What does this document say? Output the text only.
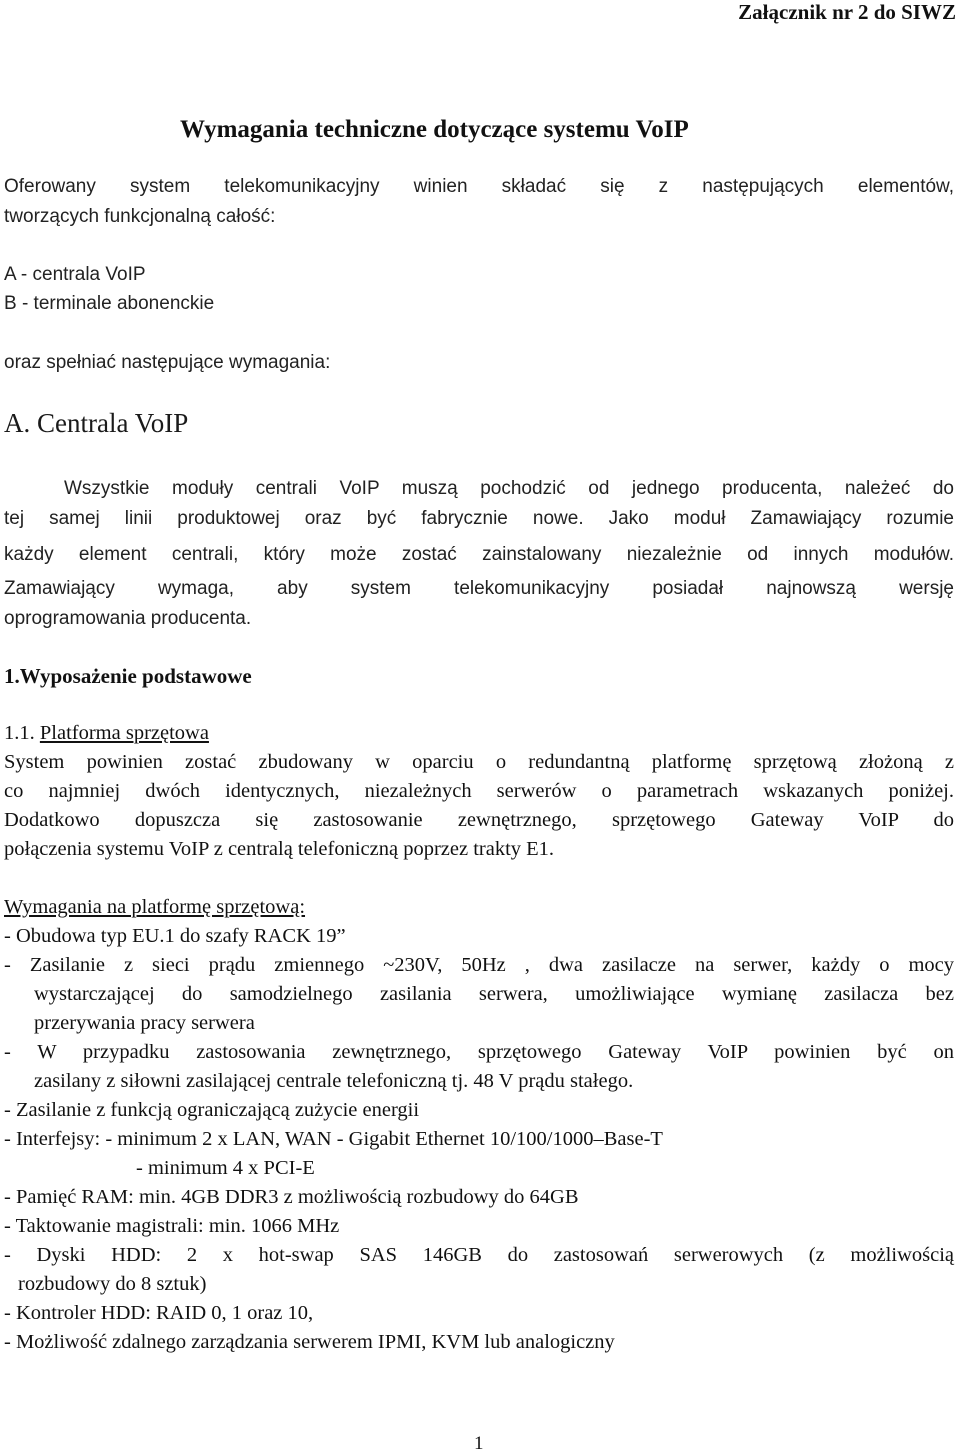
Załącznik nr 2 do SIWZ

Wymagania techniczne dotyczące systemu VoIP

Oferowany system telekomunikacyjny winien składać się z następujących elementów,

tworzących funkcjonalną całość:

A - centrala VoIP

B - terminale abonenckie

oraz spełniać następujące wymagania:

A. Centrala VoIP

Wszystkie moduły centrali VoIP muszą pochodzić od jednego producenta, należeć do

tej samej linii produktowej oraz być fabrycznie nowe. Jako moduł Zamawiający rozumie

każdy element centrali, który może zostać zainstalowany niezależnie od innych modułów.

Zamawiający wymaga, aby system telekomunikacyjny posiadał najnowszą wersję

oprogramowania producenta.

1.Wyposażenie podstawowe

1.1. Platforma sprzętowa

System powinien zostać zbudowany w oparciu o redundantną platformę sprzętową złożoną z

co najmniej dwóch identycznych, niezależnych serwerów o parametrach wskazanych poniżej.

Dodatkowo dopuszcza się zastosowanie zewnętrznego, sprzętowego Gateway VoIP do

połączenia systemu VoIP z centralą telefoniczną poprzez trakty E1.

Wymagania na platformę sprzętową:

- Obudowa typ EU.1 do szafy RACK 19”

- Zasilanie z sieci prądu zmiennego ~230V, 50Hz , dwa zasilacze na serwer, każdy o mocy

wystarczającej do samodzielnego zasilania serwera, umożliwiające wymianę zasilacza bez

przerywania pracy serwera

- W przypadku zastosowania zewnętrznego, sprzętowego Gateway VoIP powinien być on

zasilany z siłowni zasilającej centrale telefoniczną tj. 48 V prądu stałego.

- Zasilanie z funkcją ograniczającą zużycie energii

- Interfejsy: - minimum 2 x LAN, WAN - Gigabit Ethernet 10/100/1000–Base-T

- minimum 4 x PCI-E

- Pamięć RAM: min. 4GB DDR3 z możliwością rozbudowy do 64GB

- Taktowanie magistrali: min. 1066 MHz

- Dyski HDD: 2 x hot-swap SAS 146GB do zastosowań serwerowych (z możliwością

rozbudowy do 8 sztuk)

- Kontroler HDD: RAID 0, 1 oraz 10,

- Możliwość zdalnego zarządzania serwerem IPMI, KVM lub analogiczny

1
